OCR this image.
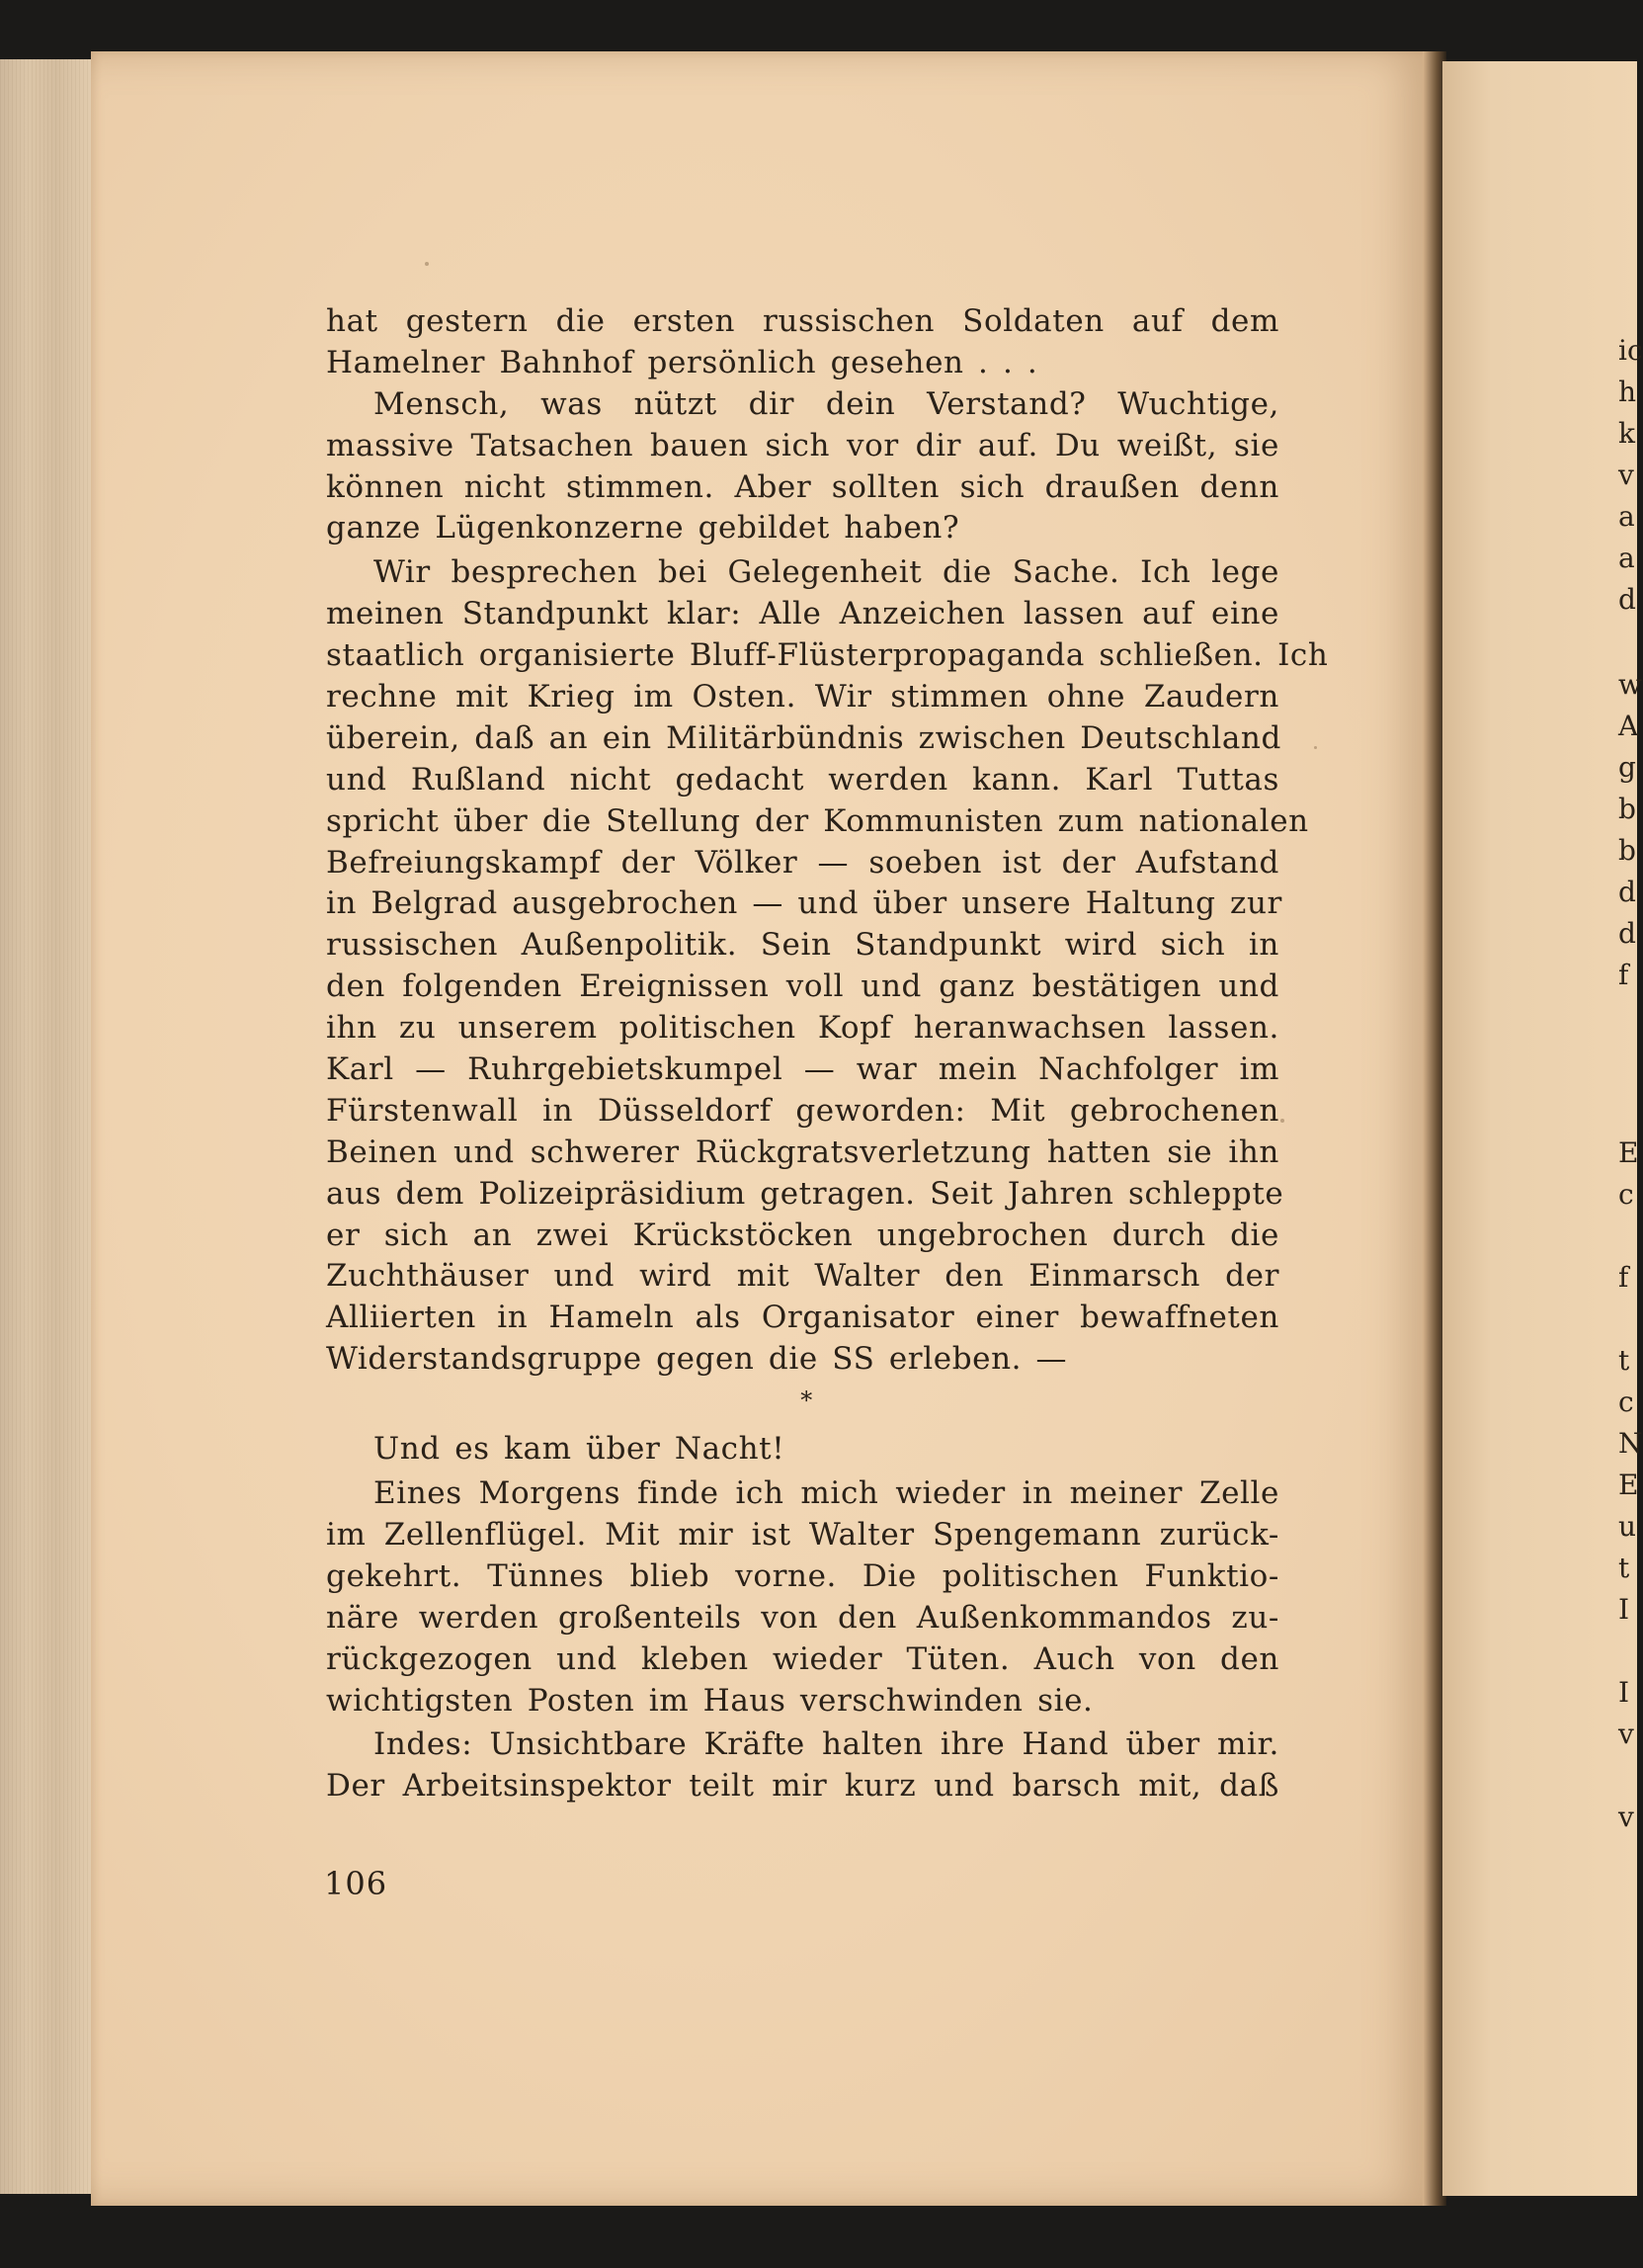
hat gestern die ersten russischen Soldaten auf dem
Hamelner Bahnhof persönlich gesehen . . .
Mensch, was nützt dir dein Verstand? Wuchtige,
massive Tatsachen bauen sich vor dir auf. Du weißt, sie
können nicht stimmen. Aber sollten sich draußen denn
ganze Lügenkonzerne gebildet haben?
Wir besprechen bei Gelegenheit die Sache. Ich lege
meinen Standpunkt klar: Alle Anzeichen lassen auf eine
staatlich organisierte Bluff-Flüsterpropaganda schließen. Ich
rechne mit Krieg im Osten. Wir stimmen ohne Zaudern
überein, daß an ein Militärbündnis zwischen Deutschland
und Rußland nicht gedacht werden kann. Karl Tuttas
spricht über die Stellung der Kommunisten zum nationalen
Befreiungskampf der Völker — soeben ist der Aufstand
in Belgrad ausgebrochen — und über unsere Haltung zur
russischen Außenpolitik. Sein Standpunkt wird sich in
den folgenden Ereignissen voll und ganz bestätigen und
ihn zu unserem politischen Kopf heranwachsen lassen.
Karl — Ruhrgebietskumpel — war mein Nachfolger im
Fürstenwall in Düsseldorf geworden: Mit gebrochenen
Beinen und schwerer Rückgratsverletzung hatten sie ihn
aus dem Polizeipräsidium getragen. Seit Jahren schleppte
er sich an zwei Krückstöcken ungebrochen durch die
Zuchthäuser und wird mit Walter den Einmarsch der
Alliierten in Hameln als Organisator einer bewaffneten
Widerstandsgruppe gegen die SS erleben. —
*
Und es kam über Nacht!
Eines Morgens finde ich mich wieder in meiner Zelle
im Zellenflügel. Mit mir ist Walter Spengemann zurück-
gekehrt. Tünnes blieb vorne. Die politischen Funktio-
näre werden großenteils von den Außenkommandos zu-
rückgezogen und kleben wieder Tüten. Auch von den
wichtigsten Posten im Haus verschwinden sie.
Indes: Unsichtbare Kräfte halten ihre Hand über mir.
Der Arbeitsinspektor teilt mir kurz und barsch mit, daß
106
ic
h
k
v
a
a
d
w
A
g
b
b
d
d
f
E
c
f
t
c
N
E
u
t
I
I
v
v
